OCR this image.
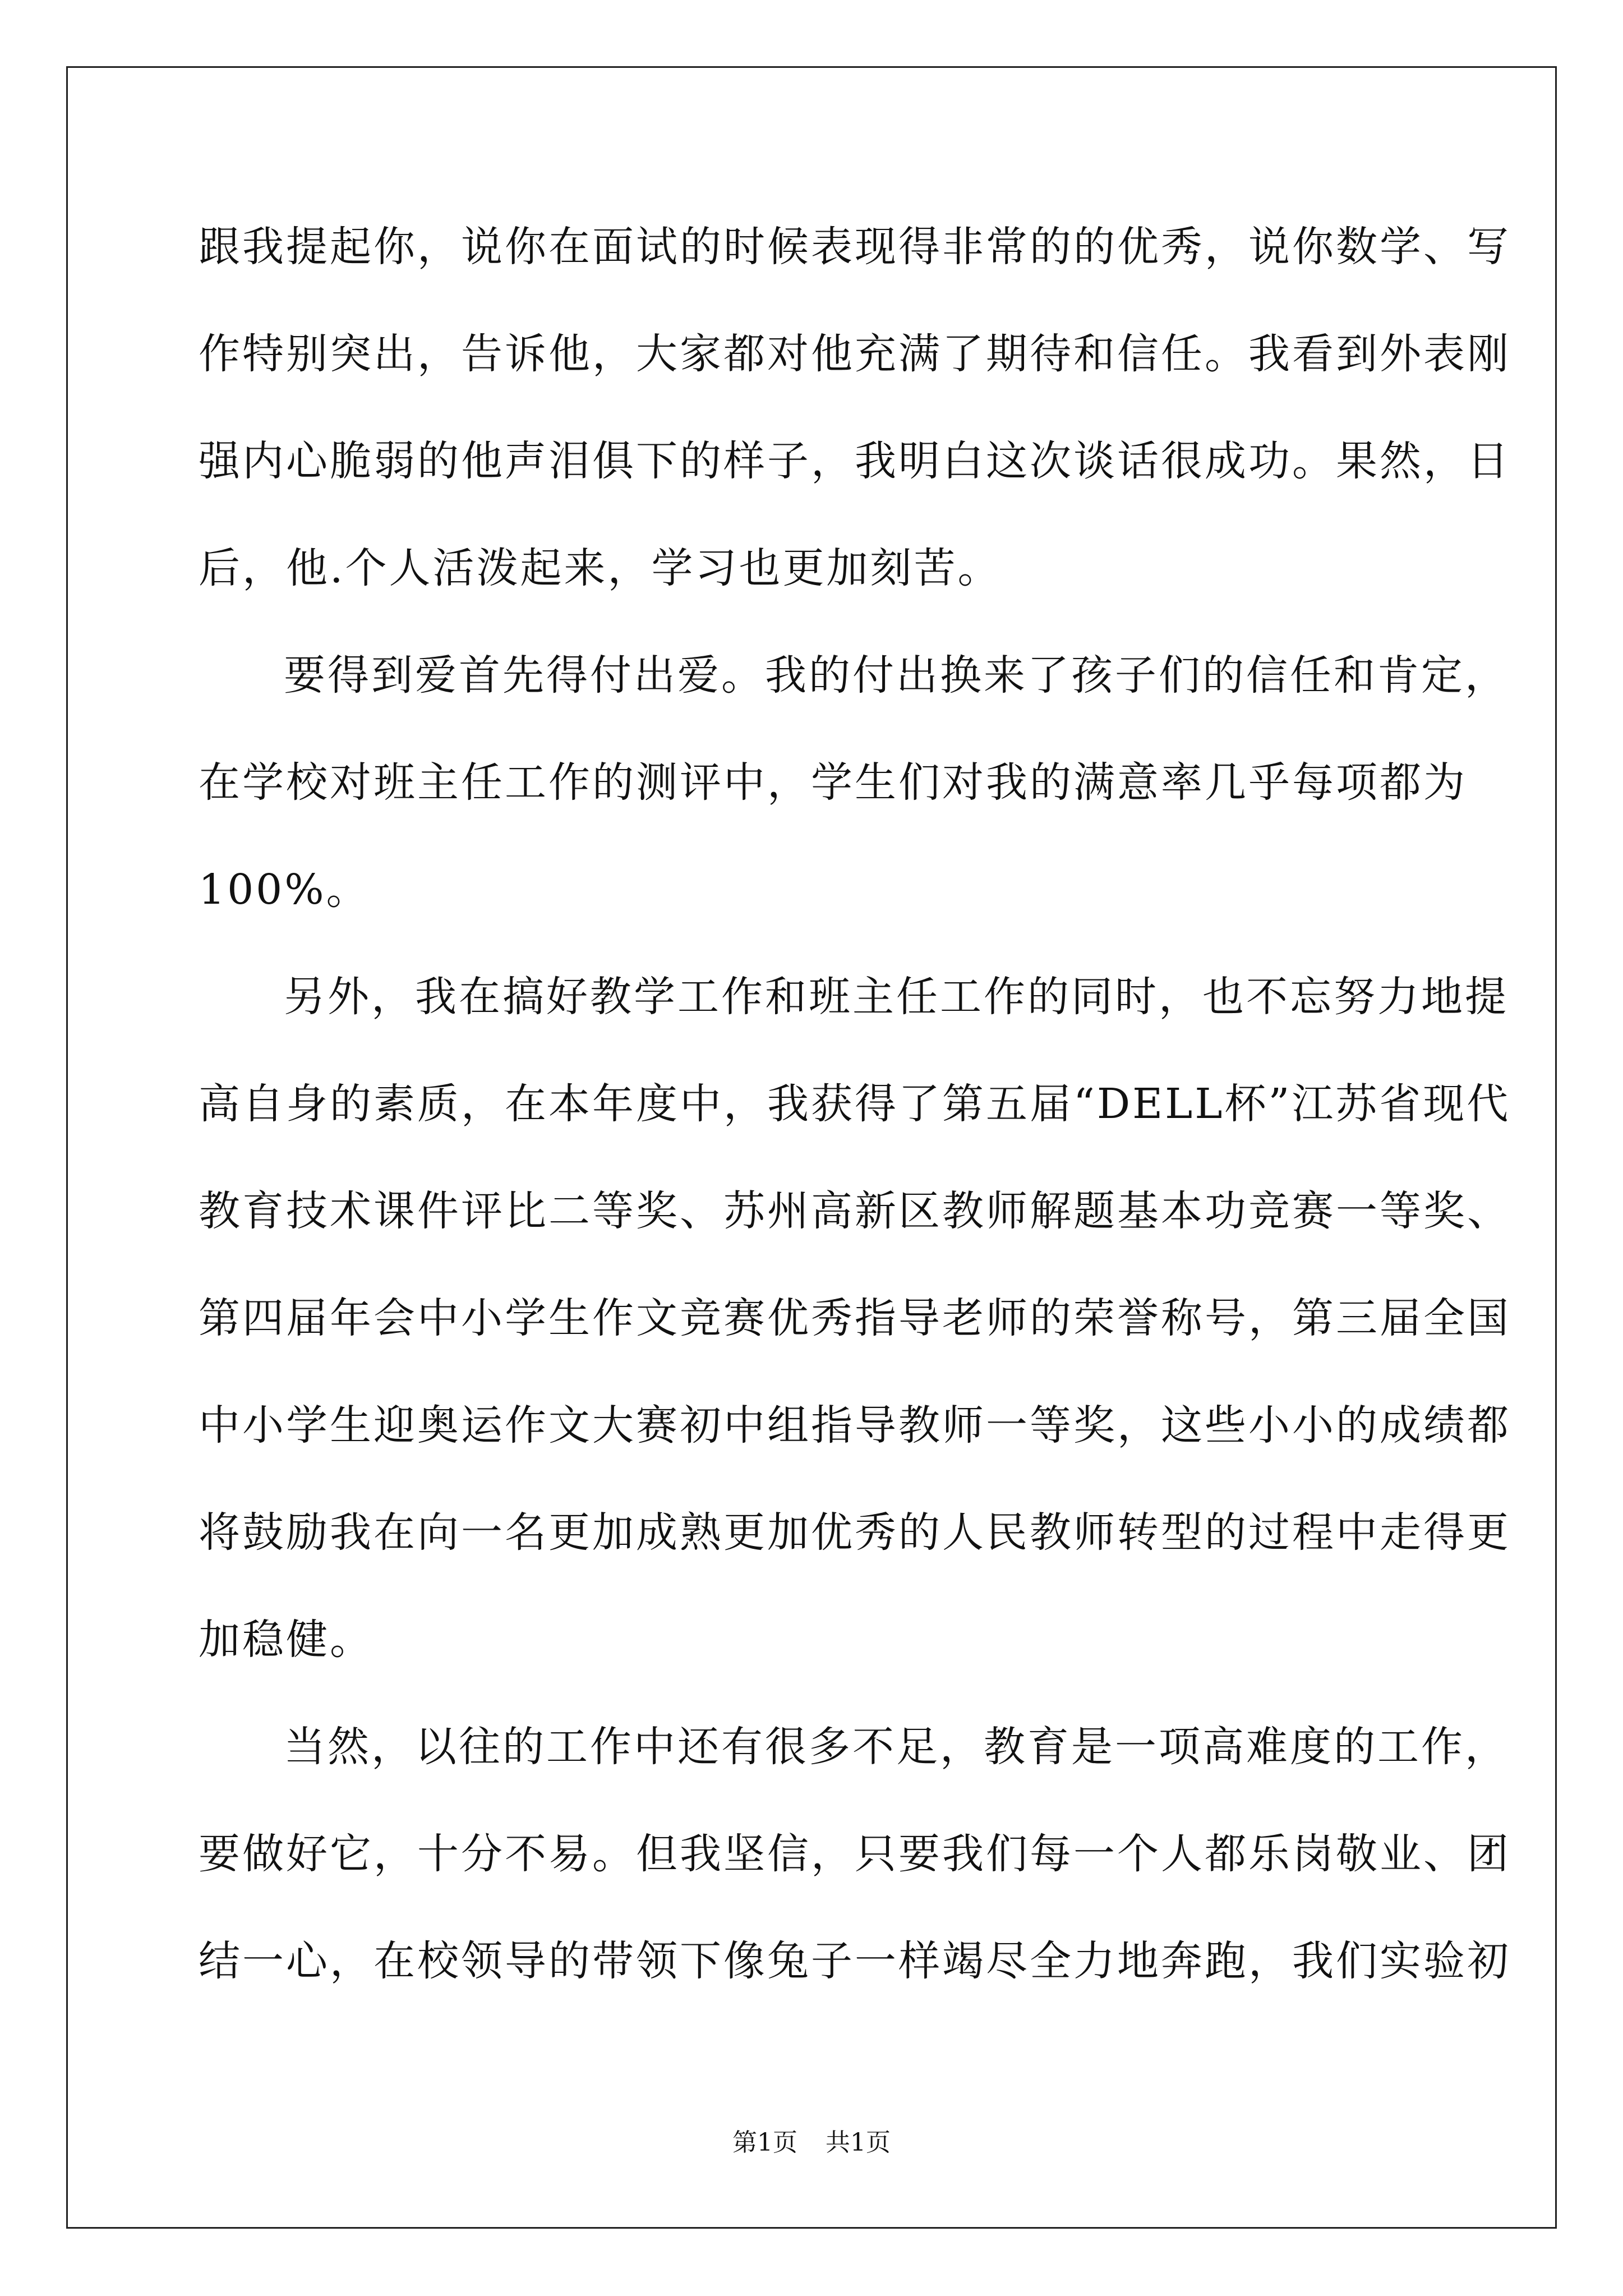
跟我提起你，说你在面试的时候表现得非常的的优秀，说你数学、写
作特别突出，告诉他，大家都对他充满了期待和信任。我看到外表刚
强内心脆弱的他声泪俱下的样子，我明白这次谈话很成功。果然，日
后，他.个人活泼起来，学习也更加刻苦。
要得到爱首先得付出爱。我的付出换来了孩子们的信任和肯定，
在学校对班主任工作的测评中，学生们对我的满意率几乎每项都为
100%。
另外，我在搞好教学工作和班主任工作的同时，也不忘努力地提
高自身的素质，在本年度中，我获得了第五届“DELL杯”江苏省现代
教育技术课件评比二等奖、苏州高新区教师解题基本功竞赛一等奖、
第四届年会中小学生作文竞赛优秀指导老师的荣誉称号，第三届全国
中小学生迎奥运作文大赛初中组指导教师一等奖，这些小小的成绩都
将鼓励我在向一名更加成熟更加优秀的人民教师转型的过程中走得更
加稳健。
当然，以往的工作中还有很多不足，教育是一项高难度的工作，
要做好它，十分不易。但我坚信，只要我们每一个人都乐岗敬业、团
结一心，在校领导的带领下像兔子一样竭尽全力地奔跑，我们实验初
第1页 共1页
